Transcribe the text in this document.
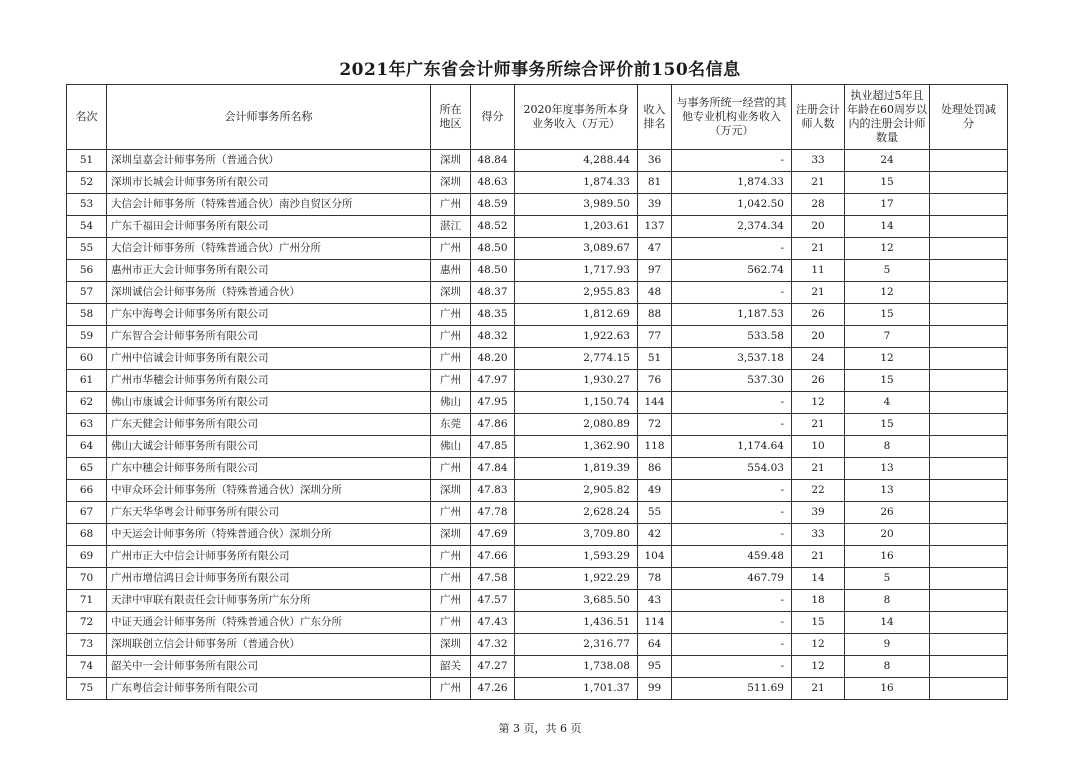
2021年广东省会计师事务所综合评价前150名信息
名次	会计师事务所名称	所在地区	得分	2020年度事务所本身业务收入（万元）	收入排名	与事务所统一经营的其他专业机构业务收入（万元）	注册会计师人数	执业超过5年且年龄在60周岁以内的注册会计师数量	处理处罚减分
51	深圳皇嘉会计师事务所（普通合伙）	深圳	48.84	4,288.44	36	-	33	24	
52	深圳市长城会计师事务所有限公司	深圳	48.63	1,874.33	81	1,874.33	21	15	
53	大信会计师事务所（特殊普通合伙）南沙自贸区分所	广州	48.59	3,989.50	39	1,042.50	28	17	
54	广东千福田会计师事务所有限公司	湛江	48.52	1,203.61	137	2,374.34	20	14	
55	大信会计师事务所（特殊普通合伙）广州分所	广州	48.50	3,089.67	47	-	21	12	
56	惠州市正大会计师事务所有限公司	惠州	48.50	1,717.93	97	562.74	11	5	
57	深圳诚信会计师事务所（特殊普通合伙）	深圳	48.37	2,955.83	48	-	21	12	
58	广东中海粤会计师事务所有限公司	广州	48.35	1,812.69	88	1,187.53	26	15	
59	广东智合会计师事务所有限公司	广州	48.32	1,922.63	77	533.58	20	7	
60	广州中信诚会计师事务所有限公司	广州	48.20	2,774.15	51	3,537.18	24	12	
61	广州市华穗会计师事务所有限公司	广州	47.97	1,930.27	76	537.30	26	15	
62	佛山市康诚会计师事务所有限公司	佛山	47.95	1,150.74	144	-	12	4	
63	广东天健会计师事务所有限公司	东莞	47.86	2,080.89	72	-	21	15	
64	佛山大诚会计师事务所有限公司	佛山	47.85	1,362.90	118	1,174.64	10	8	
65	广东中穗会计师事务所有限公司	广州	47.84	1,819.39	86	554.03	21	13	
66	中审众环会计师事务所（特殊普通合伙）深圳分所	深圳	47.83	2,905.82	49	-	22	13	
67	广东天华华粤会计师事务所有限公司	广州	47.78	2,628.24	55	-	39	26	
68	中天运会计师事务所（特殊普通合伙）深圳分所	深圳	47.69	3,709.80	42	-	33	20	
69	广州市正大中信会计师事务所有限公司	广州	47.66	1,593.29	104	459.48	21	16	
70	广州市增信鸿日会计师事务所有限公司	广州	47.58	1,922.29	78	467.79	14	5	
71	天津中审联有限责任会计师事务所广东分所	广州	47.57	3,685.50	43	-	18	8	
72	中证天通会计师事务所（特殊普通合伙）广东分所	广州	47.43	1,436.51	114	-	15	14	
73	深圳联创立信会计师事务所（普通合伙）	深圳	47.32	2,316.77	64	-	12	9	
74	韶关中一会计师事务所有限公司	韶关	47.27	1,738.08	95	-	12	8	
75	广东粤信会计师事务所有限公司	广州	47.26	1,701.37	99	511.69	21	16	
第 3 页，共 6 页
